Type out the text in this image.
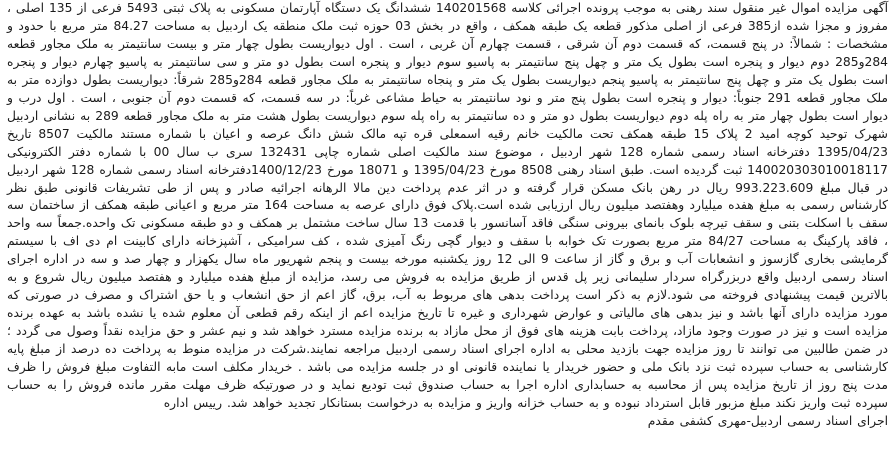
آگهی مزایده اموال غیر منقول سند رهنی به موجب پرونده اجرائی کلاسه 140201568 ششدانگ یک دستگاه آپارتمان مسکونی به پلاک ثبتی 5493 فرعی از 135 اصلی ، مفروز و مجزا شده از385 فرعی از اصلی مذکور قطعه یک طبقه همکف ، واقع در بخش 03 حوزه ثبت ملک منطقه یک اردبیل به مساحت 84.27 متر مربع با حدود و مشخصات : شمالاً: در پنج قسمت، که قسمت دوم آن شرقی ، قسمت چهارم آن غربی ، است . اول دیواریست بطول چهار متر و بیست سانتیمتر به ملک مجاور قطعه 284و285 دوم دیوار و پنجره است بطول یک متر و چهل پنج سانتیمتر به پاسیو سوم دیوار و پنجره است بطول دو متر و سی سانتیمتر به پاسیو چهارم دیوار و پنجره است بطول یک متر و چهل پنج سانتیمتر به پاسیو پنجم دیواریست بطول یک متر و پنجاه سانتیمتر به ملک مجاور قطعه 284و285 شرقاً: دیواریست بطول دوازده متر به ملک مجاور قطعه 291 جنوباً: دیوار و پنجره است بطول پنج متر و نود سانتیمتر به حیاط مشاعی غرباً: در سه قسمت، که قسمت دوم آن جنوبی ، است . اول درب و دیوار است بطول چهار متر به راه پله دوم دیواریست بطول دو متر و ده سانتیمتر به راه پله سوم دیواریست بطول هشت متر به ملک مجاور قطعه 289 به نشانی اردبیل شهرک توحید کوچه امید 2 پلاک 15 طبقه همکف تحت مالکیت خانم رقیه اسمعلی قره تپه مالک شش دانگ عرصه و اعیان با شماره مستند مالکیت 8507 تاریخ 1395/04/23 دفترخانه اسناد رسمی شماره 128 شهر اردبیل ، موضوع سند مالکیت اصلی شماره چاپی 132431 سری ب سال 00 با شماره دفتر الکترونیکی 140020303010018117 ثبت گردیده است. طبق اسناد رهنی 8508 مورخ 1395/04/23 و 18071 مورخ 1400/12/23دفترخانه اسناد رسمی شماره 128 شهر اردبیل در قبال مبلغ 993.223.609 ریال در رهن بانک مسکن قرار گرفته و در اثر عدم پرداخت دین مالا الرهانه اجرائیه صادر و پس از طی تشریفات قانونی طبق نظر کارشناس رسمی به مبلغ هفده میلیارد وهفتصد میلیون ریال ارزیابی شده است.پلاک فوق دارای عرصه به مساحت 164 متر مربع و اعیانی طبقه همکف از ساختمان سه سقف با اسکلت بتنی و سقف تیرچه بلوک بانمای بیرونی سنگی فاقد آسانسور با قدمت 13 سال ساخت مشتمل بر همکف و دو طبقه مسکونی تک واحده.جمعاً سه واحد ، فاقد پارکینگ به مساحت 84/27 متر مربع بصورت تک خوابه با سقف و دیوار گچی رنگ آمیزی شده ، کف سرامیکی ، آشپزخانه دارای کابینت ام دی اف با سیستم گرمایشی بخاری گازسوز و انشعابات آب و برق و گاز از ساعت 9 الی 12 روز یکشنبه مورخه بیست و پنجم شهریور ماه سال یکهزار و چهار صد و سه در اداره اجرای اسناد رسمی اردبیل واقع دربزرگراه سردار سلیمانی زیر پل قدس از طریق مزایده به فروش می رسد، مزایده از مبلغ هفده میلیارد و هفتصد میلیون ریال شروع و به بالاترین قیمت پیشنهادی فروخته می شود.لازم به ذکر است پرداخت بدهی های مربوط به آب، برق، گاز اعم از حق انشعاب و یا حق اشتراک و مصرف در صورتی که مورد مزایده دارای آنها باشد و نیز بدهی های مالیاتی و عوارض شهرداری و غیره تا تاریخ مزایده اعم از اینکه رقم قطعی آن معلوم شده یا نشده باشد به عهده برنده مزایده است و نیز در صورت وجود مازاد، پرداخت بابت هزینه های فوق از محل مازاد به برنده مزایده مسترد خواهد شد و نیم عشر و حق مزایده نقداً وصول می گردد ؛ در ضمن طالبین می توانند تا روز مزایده جهت بازدید محلی به اداره اجرای اسناد رسمی اردبیل مراجعه نمایند.شرکت در مزایده منوط به پرداخت ده درصد از مبلغ پایه کارشناسی به حساب سپرده ثبت نزد بانک ملی و حضور خریدار یا نماینده قانونی او در جلسه مزایده می باشد . خریدار مکلف است مابه التفاوت مبلغ فروش را ظرف مدت پنج روز از تاریخ مزایده پس از محاسبه به حسابداری اداره اجرا به حساب صندوق ثبت تودیع نماید و در صورتیکه ظرف مهلت مقرر مانده فروش را به حساب سپرده ثبت واریز نکند مبلغ مزبور قابل استرداد نبوده و به حساب خزانه واریز و مزایده به درخواست بستانکار تجدید خواهد شد. رییس اداره
اجرای اسناد رسمی اردبیل-مهری کشفی مقدم
